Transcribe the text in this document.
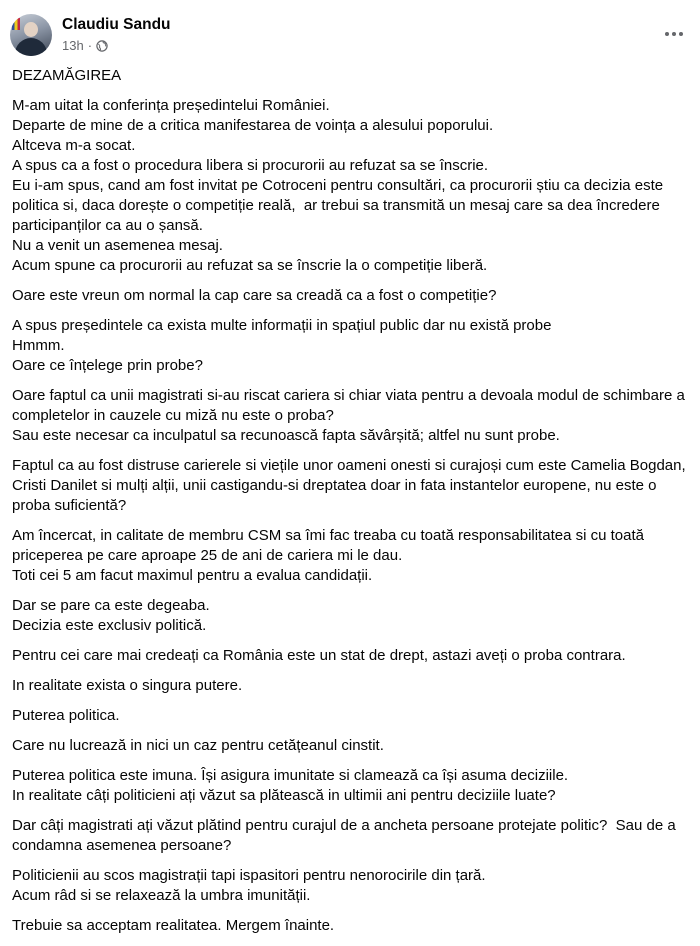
Claudiu Sandu
13h ·

DEZAMĂGIREA

M-am uitat la conferința președintelui României.
Departe de mine de a critica manifestarea de voința a alesului poporului.
Altceva m-a socat.
A spus ca a fost o procedura libera si procurorii au refuzat sa se înscrie.
Eu i-am spus, cand am fost invitat pe Cotroceni pentru consultări, ca procurorii știu ca decizia este politica si, daca dorește o competiție reală,  ar trebui sa transmită un mesaj care sa dea încredere participanților ca au o șansă.
Nu a venit un asemenea mesaj.
Acum spune ca procurorii au refuzat sa se înscrie la o competiție liberă.

Oare este vreun om normal la cap care sa creadă ca a fost o competiție?

A spus președintele ca exista multe informații in spațiul public dar nu există probe
Hmmm.
Oare ce înțelege prin probe?

Oare faptul ca unii magistrati si-au riscat cariera si chiar viata pentru a devoala modul de schimbare a completelor in cauzele cu miză nu este o proba?
Sau este necesar ca inculpatul sa recunoască fapta săvârșită; altfel nu sunt probe.

Faptul ca au fost distruse carierele si viețile unor oameni onesti si curajoși cum este Camelia Bogdan, Cristi Danilet si mulți alții, unii castigandu-si dreptatea doar in fata instantelor europene, nu este o proba suficientă?

Am încercat, in calitate de membru CSM sa îmi fac treaba cu toată responsabilitatea si cu toată priceperea pe care aproape 25 de ani de cariera mi le dau.
Toti cei 5 am facut maximul pentru a evalua candidații.

Dar se pare ca este degeaba.
Decizia este exclusiv politică.

Pentru cei care mai credeați ca România este un stat de drept, astazi aveți o proba contrara.

In realitate exista o singura putere.

Puterea politica.

Care nu lucrează in nici un caz pentru cetățeanul cinstit.

Puterea politica este imuna. Își asigura imunitate si clamează ca își asuma deciziile.
In realitate câți politicieni ați văzut sa plătească in ultimii ani pentru deciziile luate?

Dar câți magistrati ați văzut plătind pentru curajul de a ancheta persoane protejate politic?  Sau de a condamna asemenea persoane?

Politicienii au scos magistrații tapi ispasitori pentru nenorocirile din țară.
Acum râd si se relaxează la umbra imunității.

Trebuie sa acceptam realitatea. Mergem înainte.
